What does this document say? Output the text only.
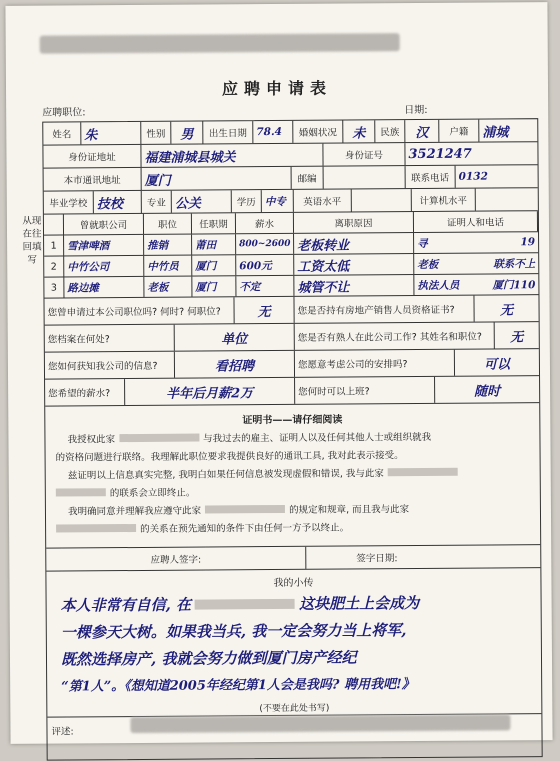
应聘申请表
应聘职位:	日期:
姓名 朱	性别	男	出生日期 78.4	婚姻状况	未	民族	汉	户籍	浦城
身份证地址	福建浦城县城关	身份证号	3521247
本市通讯地址	厦门	邮编	联系电话 0132
毕业学校 技校	专业 公关	学历 中专	英语水平	计算机水平
曾就职公司	职位	任职期	薪水	离职原因	证明人和电话
从现在往回填写
1 雪津啤酒	推销	莆田	800~2600 老板转业	寻	19
2 中竹公司	中竹员	厦门	600元	工资太低	老板	联系不上
3 路边摊	老板	厦门	不定	城管不让	执法人员	厦门110
您曾申请过本公司职位吗? 何时? 何职位?	无	您是否持有房地产销售人员资格证书?	无
您档案在何处?	单位	您是否有熟人在此公司工作? 其姓名和职位?	无
您如何获知我公司的信息?	看招聘	您愿意考虑公司的安排吗?	可以
您希望的薪水?	半年后月薪2万	您何时可以上班?	随时
证明书——请仔细阅读
我授权此家	与我过去的雇主、证明人以及任何其他人士或组织就我
的资格问题进行联络。我理解此职位要求我提供良好的通讯工具, 我对此表示接受。
兹证明以上信息真实完整, 我明白如果任何信息被发现虚假和错误, 我与此家
的联系会立即终止。
我明确同意并理解我应遵守此家	的规定和规章, 而且我与此家
的关系在预先通知的条件下由任何一方予以终止。
应聘人签字:	签字日期:
我的小传
本人非常有自信, 在	这块肥土上会成为
一棵参天大树。如果我当兵, 我一定会努力当上将军,
既然选择房产, 我就会努力做到厦门房产经纪
“第1人”。《想知道2005年经纪第1人会是我吗? 聘用我吧!》
(不要在此处书写)
评述:
